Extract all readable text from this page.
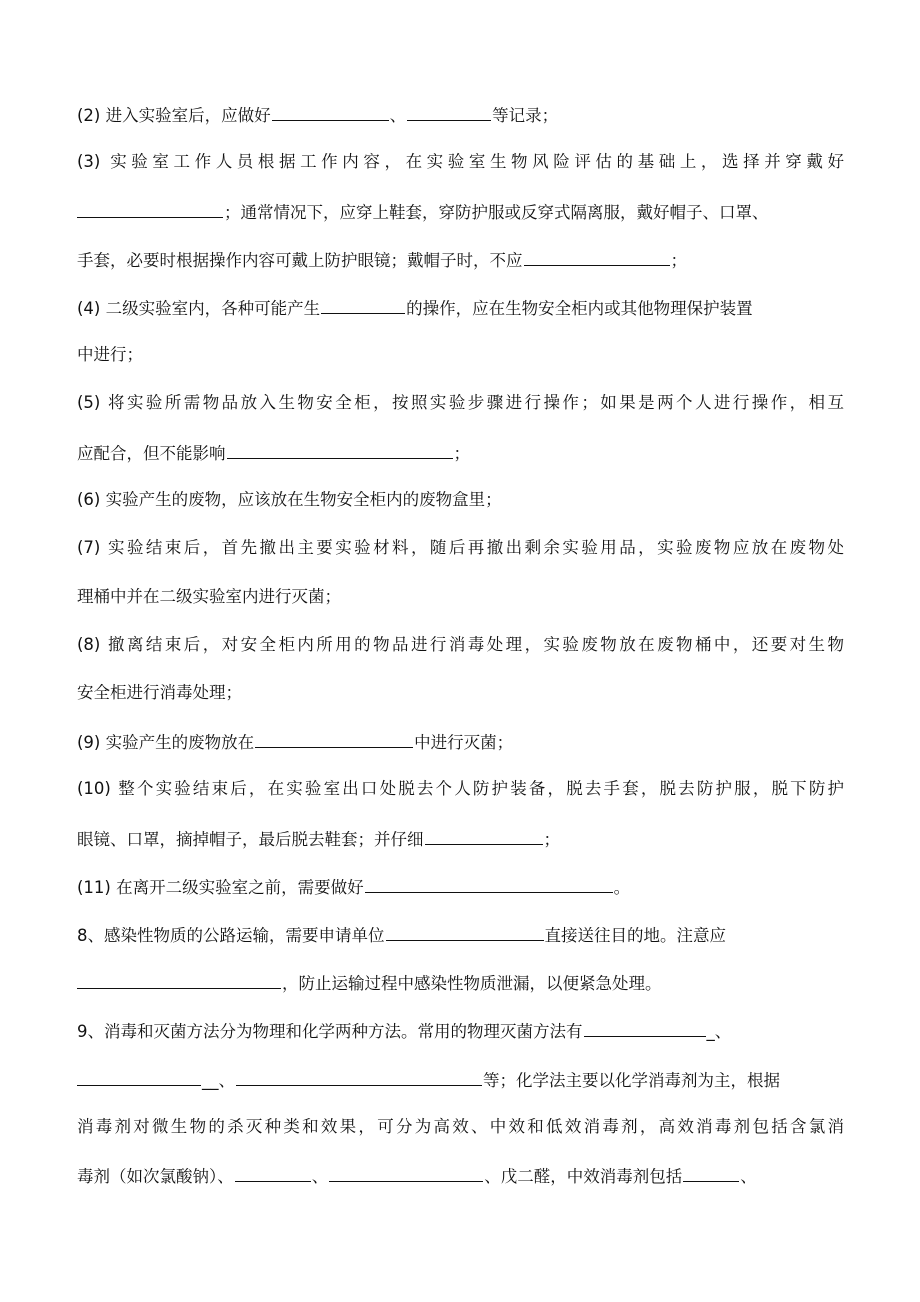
(2) 进入实验室后，应做好	、	等记录；
(3) 实验室工作人员根据工作内容，在实验室生物风险评估的基础上，选择并穿戴好
；通常情况下，应穿上鞋套，穿防护服或反穿式隔离服，戴好帽子、口罩、
手套，必要时根据操作内容可戴上防护眼镜；戴帽子时，不应	；
(4) 二级实验室内，各种可能产生	的操作，应在生物安全柜内或其他物理保护装置
中进行；
(5) 将实验所需物品放入生物安全柜，按照实验步骤进行操作；如果是两个人进行操作，相互
应配合，但不能影响	；
(6) 实验产生的废物，应该放在生物安全柜内的废物盒里；
(7) 实验结束后，首先撤出主要实验材料，随后再撤出剩余实验用品，实验废物应放在废物处
理桶中并在二级实验室内进行灭菌；
(8) 撤离结束后，对安全柜内所用的物品进行消毒处理，实验废物放在废物桶中，还要对生物
安全柜进行消毒处理；
(9) 实验产生的废物放在	中进行灭菌；
(10) 整个实验结束后，在实验室出口处脱去个人防护装备，脱去手套，脱去防护服，脱下防护
眼镜、口罩，摘掉帽子，最后脱去鞋套；并仔细	；
(11) 在离开二级实验室之前，需要做好	。
8、感染性物质的公路运输，需要申请单位	直接送往目的地。注意应
，防止运输过程中感染性物质泄漏，以便紧急处理。
9、消毒和灭菌方法分为物理和化学两种方法。常用的物理灭菌方法有	_、
__、	等；化学法主要以化学消毒剂为主，根据
消毒剂对微生物的杀灭种类和效果，可分为高效、中效和低效消毒剂，高效消毒剂包括含氯消
毒剂（如次氯酸钠）、	、	、戊二醛，中效消毒剂包括	、
